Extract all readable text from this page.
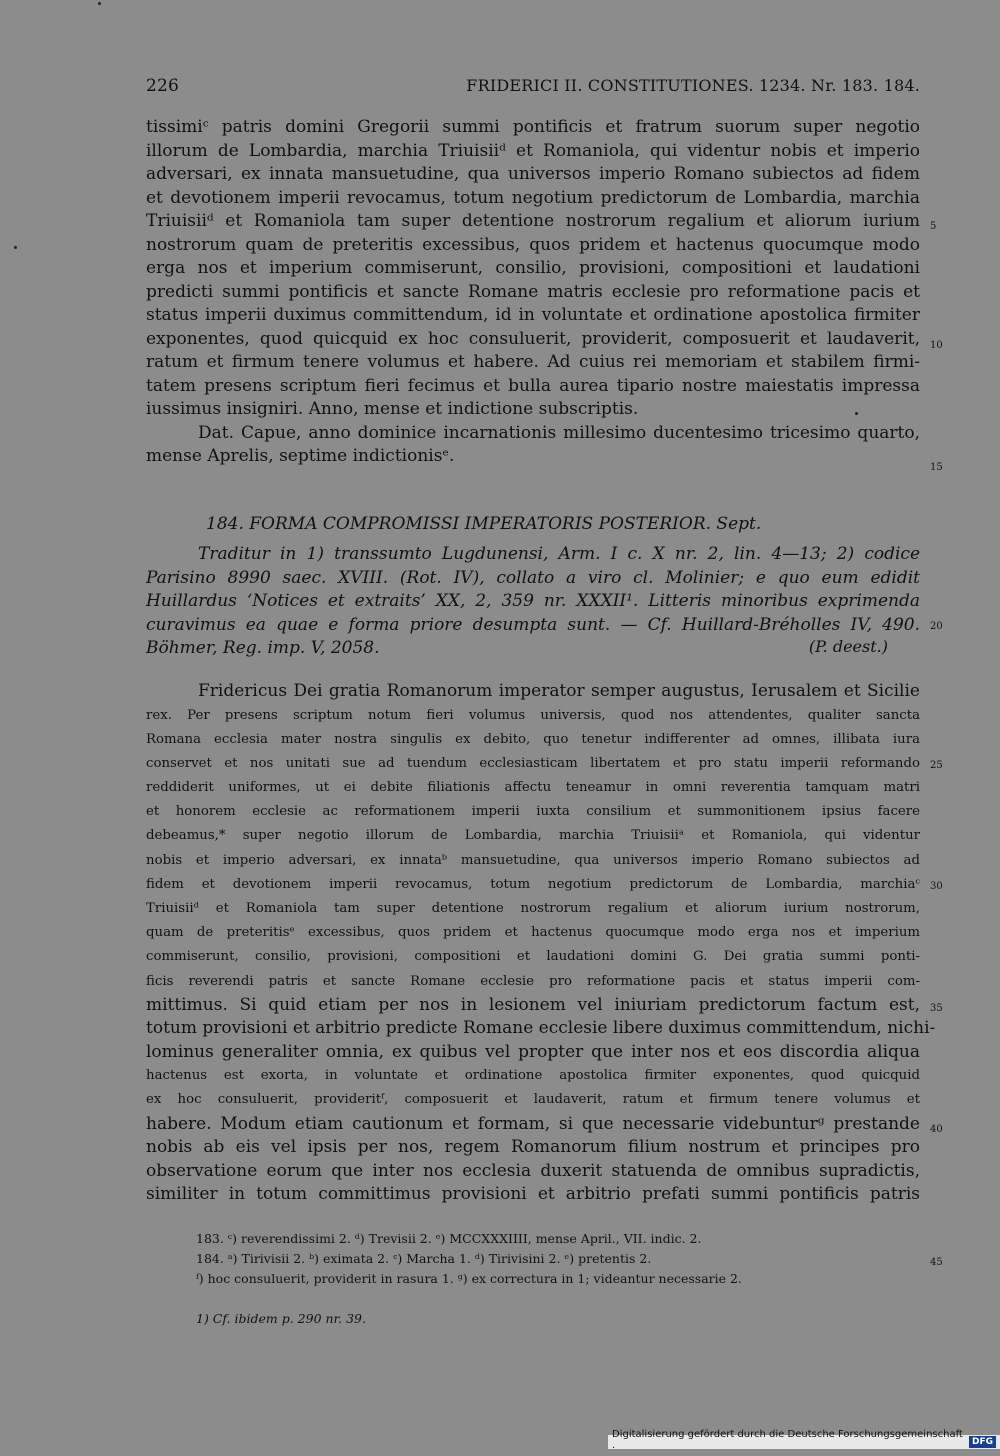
226	FRIDERICI II. CONSTITUTIONES. 1234. Nr. 183. 184.
tissimiᶜ patris domini Gregorii summi pontificis et fratrum suorum super negotio
illorum de Lombardia, marchia Triuisiiᵈ et Romaniola, qui videntur nobis et imperio
adversari, ex innata mansuetudine, qua universos imperio Romano subiectos ad fidem
et devotionem imperii revocamus, totum negotium predictorum de Lombardia, marchia
Triuisiiᵈ et Romaniola tam super detentione nostrorum regalium et aliorum iurium
nostrorum quam de preteritis excessibus, quos pridem et hactenus quocumque modo
erga nos et imperium commiserunt, consilio, provisioni, compositioni et laudationi
predicti summi pontificis et sancte Romane matris ecclesie pro reformatione pacis et
status imperii duximus committendum, id in voluntate et ordinatione apostolica firmiter
exponentes, quod quicquid ex hoc consuluerit, providerit, composuerit et laudaverit,
ratum et firmum tenere volumus et habere. Ad cuius rei memoriam et stabilem firmi-
tatem presens scriptum fieri fecimus et bulla aurea tipario nostre maiestatis impressa
iussimus insigniri. Anno, mense et indictione subscriptis.
Dat. Capue, anno dominice incarnationis millesimo ducentesimo tricesimo quarto,
mense Aprelis, septime indictionisᵉ.
184. FORMA COMPROMISSI IMPERATORIS POSTERIOR. Sept.
Traditur in 1) transsumto Lugdunensi, Arm. I c. X nr. 2, lin. 4—13; 2) codice
Parisino 8990 saec. XVIII. (Rot. IV), collato a viro cl. Molinier; e quo eum edidit
Huillardus ‘Notices et extraits’ XX, 2, 359 nr. XXXII¹. Litteris minoribus exprimenda
curavimus ea quae e forma priore desumpta sunt. — Cf. Huillard-Bréholles IV, 490.
Böhmer, Reg. imp. V, 2058.	(P. deest.)
Fridericus Dei gratia Romanorum imperator semper augustus, Ierusalem et Sicilie
rex. Per presens scriptum notum fieri volumus universis, quod nos attendentes, qualiter sancta
Romana ecclesia mater nostra singulis ex debito, quo tenetur indifferenter ad omnes, illibata iura
conservet et nos unitati sue ad tuendum ecclesiasticam libertatem et pro statu imperii reformando
reddiderit uniformes, ut ei debite filiationis affectu teneamur in omni reverentia tamquam matri
et honorem ecclesie ac reformationem imperii iuxta consilium et summonitionem ipsius facere
debeamus,* super negotio illorum de Lombardia, marchia Triuisiiᵃ et Romaniola, qui videntur
nobis et imperio adversari, ex innataᵇ mansuetudine, qua universos imperio Romano subiectos ad
fidem et devotionem imperii revocamus, totum negotium predictorum de Lombardia, marchiaᶜ
Triuisiiᵈ et Romaniola tam super detentione nostrorum regalium et aliorum iurium nostrorum,
quam de preteritisᵉ excessibus, quos pridem et hactenus quocumque modo erga nos et imperium
commiserunt, consilio, provisioni, compositioni et laudationi domini G. Dei gratia summi ponti-
ficis reverendi patris et sancte Romane ecclesie pro reformatione pacis et status imperii com-
mittimus. Si quid etiam per nos in lesionem vel iniuriam predictorum factum est,
totum provisioni et arbitrio predicte Romane ecclesie libere duximus committendum, nichi-
lominus generaliter omnia, ex quibus vel propter que inter nos et eos discordia aliqua
hactenus est exorta, in voluntate et ordinatione apostolica firmiter exponentes, quod quicquid
ex hoc consuluerit, provideritᶠ, composuerit et laudaverit, ratum et firmum tenere volumus et
habere. Modum etiam cautionum et formam, si que necessarie videbunturᵍ prestande
nobis ab eis vel ipsis per nos, regem Romanorum filium nostrum et principes pro
observatione eorum que inter nos ecclesia duxerit statuenda de omnibus supradictis,
similiter in totum committimus provisioni et arbitrio prefati summi pontificis patris
5
10
15
20
25
30
35
40
45
183. ᶜ) reverendissimi 2. ᵈ) Trevisii 2. ᵉ) MCCXXXIIII, mense April., VII. indic. 2.
184. ᵃ) Tirivisii 2. ᵇ) eximata 2. ᶜ) Marcha 1. ᵈ) Tirivisini 2. ᵉ) pretentis 2.
ᶠ) hoc consuluerit, providerit in rasura 1. ᵍ) ex correctura in 1; videantur necessarie 2.
1) Cf. ibidem p. 290 nr. 39.
Digitalisierung gefördert durch die Deutsche Forschungsgemeinschaft ·
DFG
